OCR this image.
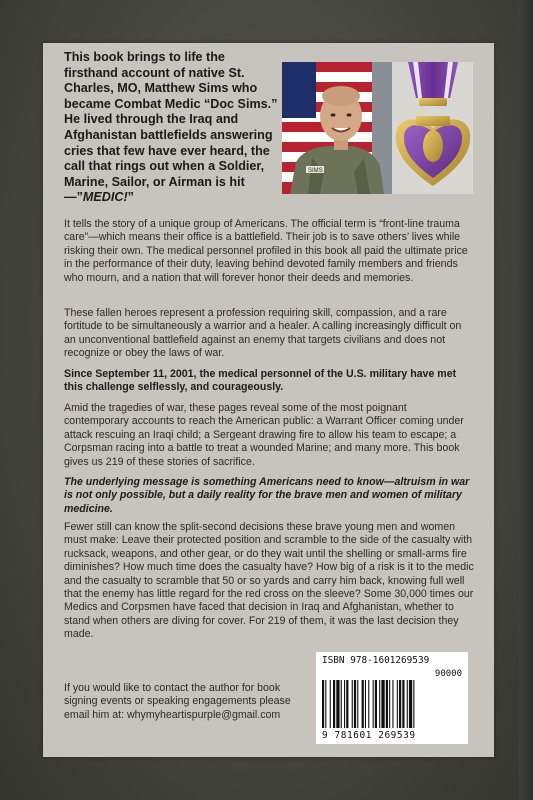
This book brings to life the firsthand account of native St. Charles, MO, Matthew Sims who became Combat Medic “Doc Sims.” He lived through the Iraq and Afghanistan battlefields answering cries that few have ever heard, the call that rings out when a Soldier, Marine, Sailor, or Airman is hit—”MEDIC!”
SIMS
It tells the story of a unique group of Americans. The official term is “front-line trauma care”—which means their office is a battlefield. Their job is to save others’ lives while risking their own. The medical personnel profiled in this book all paid the ultimate price in the performance of their duty, leaving behind devoted family members and friends who mourn, and a nation that will forever honor their deeds and memories.
These fallen heroes represent a profession requiring skill, compassion, and a rare fortitude to be simultaneously a warrior and a healer. A calling increasingly difficult on an unconventional battlefield against an enemy that targets civilians and does not recognize or obey the laws of war.
Since September 11, 2001, the medical personnel of the U.S. military have met this challenge selflessly, and courageously.
Amid the tragedies of war, these pages reveal some of the most poignant contemporary accounts to reach the American public: a Warrant Officer coming under attack rescuing an Iraqi child; a Sergeant drawing fire to allow his team to escape; a Corpsman racing into a battle to treat a wounded Marine; and many more. This book gives us 219 of these stories of sacrifice.
The underlying message is something Americans need to know—altruism in war is not only possible, but a daily reality for the brave men and women of military medicine.
Fewer still can know the split-second decisions these brave young men and women must make: Leave their protected position and scramble to the side of the casualty with rucksack, weapons, and other gear, or do they wait until the shelling or small-arms fire diminishes? How much time does the casualty have? How big of a risk is it to the medic and the casualty to scramble that 50 or so yards and carry him back, knowing full well that the enemy has little regard for the red cross on the sleeve? Some 30,000 times our Medics and Corpsmen have faced that decision in Iraq and Afghanistan, whether to stand when others are diving for cover. For 219 of them, it was the last decision they made.
If you would like to contact the author for book signing events or speaking engagements please email him at: whymyheartispurple@gmail.com
ISBN 978-1601269539
90000
9 781601 269539
